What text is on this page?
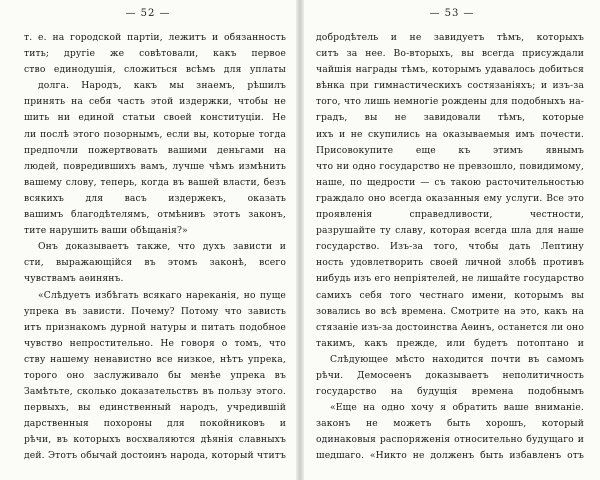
— 52 —
т. е. на городской партіи, лежитъ и обязанность
тить; другіе же совѣтовали, какъ первое
ство единодушія, сложиться всѣмъ для уплаты
долга. Народъ, какъ мы знаемъ, рѣшилъ
принять на себя часть этой издержки, чтобы не
шить ни единой статьи своей конституціи. Не
ли послѣ этого позорнымъ, если вы, которые тогда
предпочли пожертвовать вашими деньгами на
людей, повредившихъ вамъ, лучше чѣмъ измѣнить
вашему слову, теперь, когда въ вашей власти, безъ
всякихъ для васъ издержекъ, оказать
вашимъ благодѣтелямъ, отмѣнивъ этотъ законъ,
тите нарушить ваши обѣщанія?»
Онъ доказываетъ также, что духъ зависти и
сти, выражающійся въ этомъ законѣ, всего
чувствамъ аѳинянъ.
«Слѣдуетъ избѣгать всякаго нареканія, но пуще
упрека въ зависти. Почему? Потому что зависть
итъ признакомъ дурной натуры и питать подобное
чувство непростительно. Не говоря о томъ, что
ству нашему ненавистно все низкое, нѣтъ упрека,
торого оно заслуживало бы менѣе упрека въ
Замѣтьте, сколько доказательствъ въ пользу этого.
первыхъ, вы единственный народъ, учредившій
дарственныя похороны для покойниковъ и
рѣчи, въ которыхъ восхваляются дѣянія славныхъ
дей. Этотъ обычай достоинъ народа, который чтитъ
— 53 —
добродѣтель и не завидуетъ тѣмъ, которыхъ
ситъ за нее. Во-вторыхъ, вы всегда присуждали
чайшія награды тѣмъ, которымъ удавалось добиться
вѣнка при гимнастическихъ состязаніяхъ; и изъ-за
того, что лишь немногіе рождены для подобныхъ на-
градъ, вы не завидовали тѣмъ, которые
ихъ и не скупились на оказываемыя имъ почести.
Присовокупите еще къ этимъ явнымъ
что ни одно государство не превзошло, повидимому,
наше, по щедрости — съ такою расточительностью
граждало оно всегда оказанныя ему услуги. Все это
проявленія справедливости, честности,
разрушайте ту славу, которая всегда шла для наше
государство. Изъ-за того, чтобы дать Лептину
ность удовлетворить своей личной злобѣ противъ
нибудь изъ его непріятелей, не лишайте государство
самихъ себя того честнаго имени, которымъ вы
зовались во всѣ времена. Смотрите на это, какъ на
стязаніе изъ-за достоинства Аѳинъ, останется ли оно
такимъ, какъ прежде, или будетъ потоптано и
Слѣдующее мѣсто находится почти въ самомъ
рѣчи. Демосѳенъ доказываетъ неполитичность
государство на будущія времена подобнымъ
«Еще на одно хочу я обратить ваше вниманіе.
законъ не можетъ быть хорошъ, который
одинаковыя распоряженія относительно будущаго и
шедшаго. «Никто не долженъ быть избавленъ отъ
